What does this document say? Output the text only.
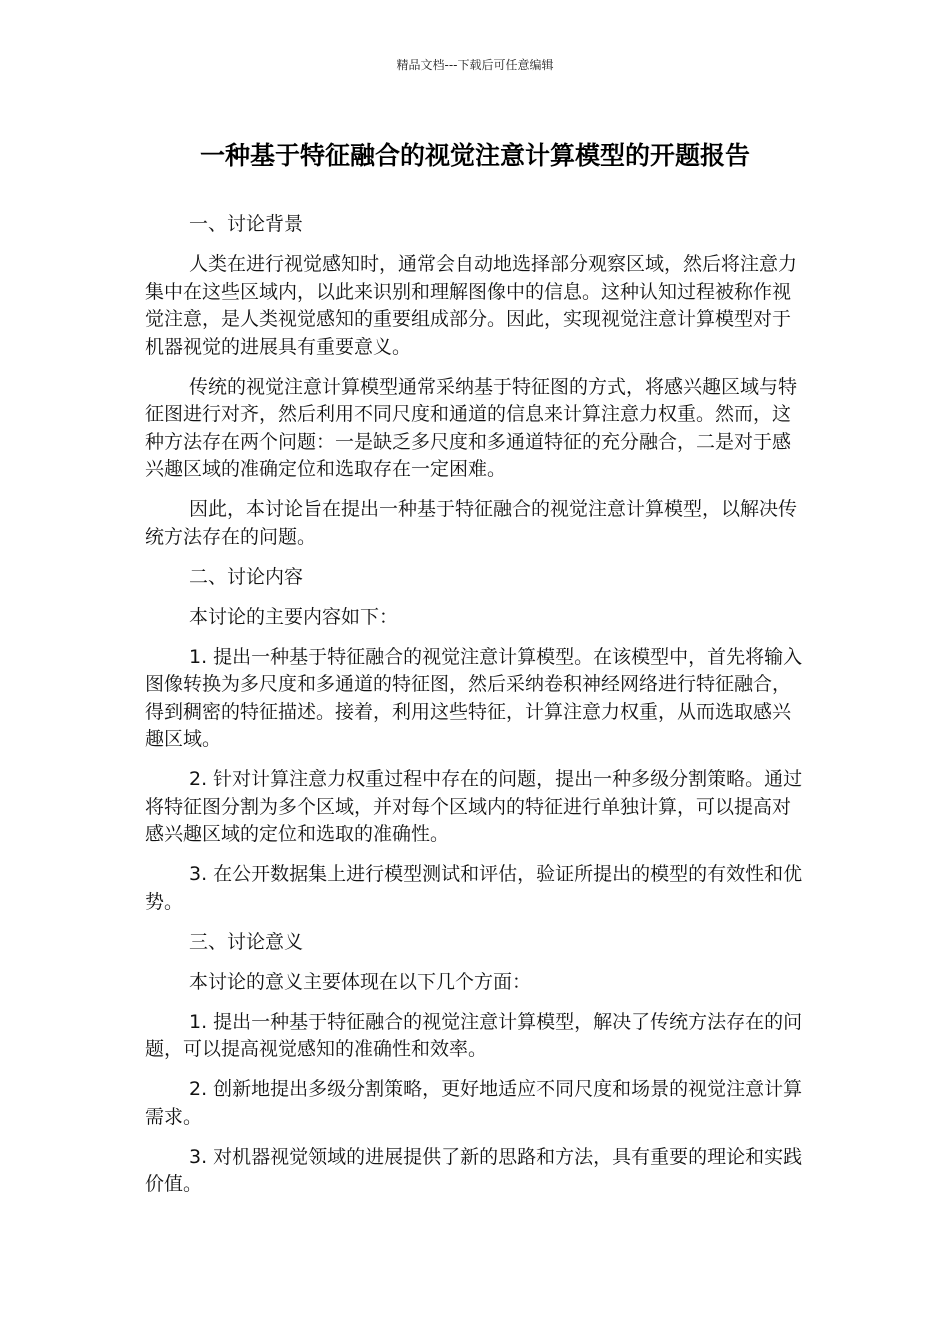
精品文档---下载后可任意编辑
一种基于特征融合的视觉注意计算模型的开题报告

一、讨论背景

人类在进行视觉感知时，通常会自动地选择部分观察区域，然后将注意力集中在这些区域内，以此来识别和理解图像中的信息。这种认知过程被称作视觉注意，是人类视觉感知的重要组成部分。因此，实现视觉注意计算模型对于机器视觉的进展具有重要意义。

传统的视觉注意计算模型通常采纳基于特征图的方式，将感兴趣区域与特征图进行对齐，然后利用不同尺度和通道的信息来计算注意力权重。然而，这种方法存在两个问题：一是缺乏多尺度和多通道特征的充分融合，二是对于感兴趣区域的准确定位和选取存在一定困难。

因此，本讨论旨在提出一种基于特征融合的视觉注意计算模型，以解决传统方法存在的问题。

二、讨论内容

本讨论的主要内容如下：

1. 提出一种基于特征融合的视觉注意计算模型。在该模型中，首先将输入图像转换为多尺度和多通道的特征图，然后采纳卷积神经网络进行特征融合，得到稠密的特征描述。接着，利用这些特征，计算注意力权重，从而选取感兴趣区域。

2. 针对计算注意力权重过程中存在的问题，提出一种多级分割策略。通过将特征图分割为多个区域，并对每个区域内的特征进行单独计算，可以提高对感兴趣区域的定位和选取的准确性。

3. 在公开数据集上进行模型测试和评估，验证所提出的模型的有效性和优势。

三、讨论意义

本讨论的意义主要体现在以下几个方面：

1. 提出一种基于特征融合的视觉注意计算模型，解决了传统方法存在的问题，可以提高视觉感知的准确性和效率。

2. 创新地提出多级分割策略，更好地适应不同尺度和场景的视觉注意计算需求。

3. 对机器视觉领域的进展提供了新的思路和方法，具有重要的理论和实践价值。
